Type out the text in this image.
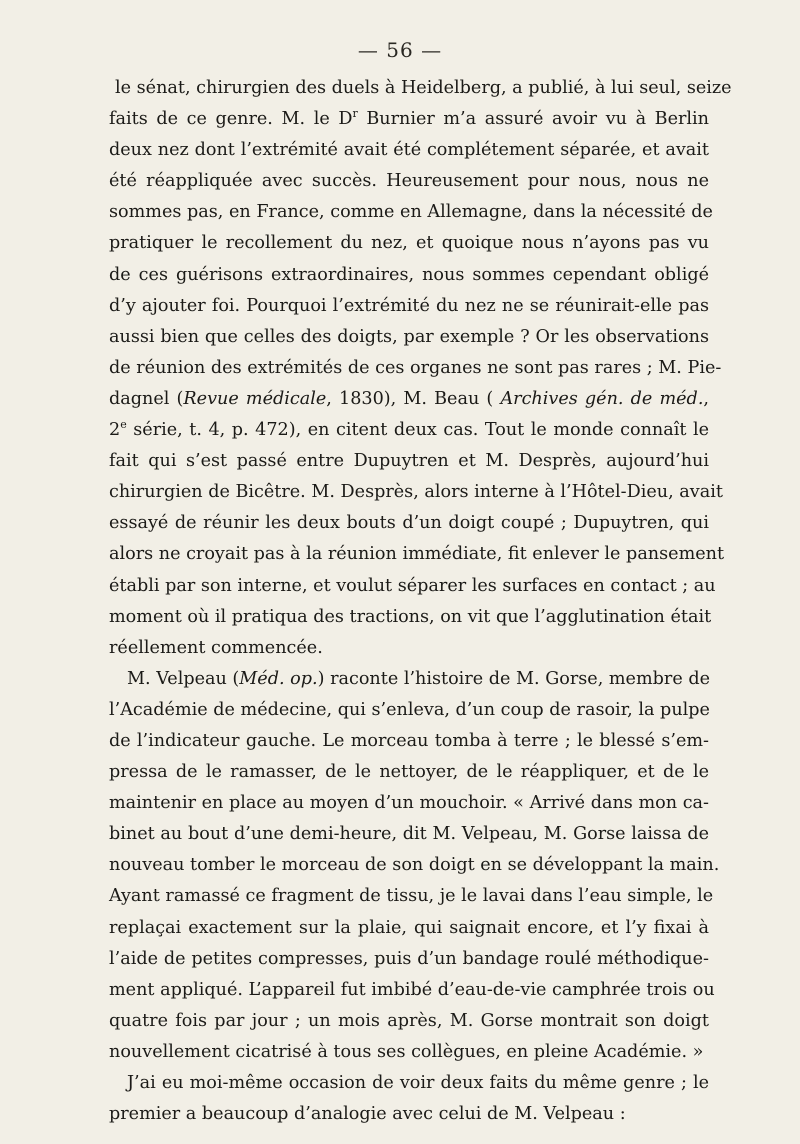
— 56 —
le sénat, chirurgien des duels à Heidelberg, a publié, à lui seul, seize
faits de ce genre. M. le $D^r$ Burnier m’a assuré avoir vu à Berlin
deux nez dont l’extrémité avait été complétement séparée, et avait
été réappliquée avec succès. Heureusement pour nous, nous ne
sommes pas, en France, comme en Allemagne, dans la nécessité de
pratiquer le recollement du nez, et quoique nous n’ayons pas vu
de ces guérisons extraordinaires, nous sommes cependant obligé
d’y ajouter foi. Pourquoi l’extrémité du nez ne se réunirait-elle pas
aussi bien que celles des doigts, par exemple ? Or les observations
de réunion des extrémités de ces organes ne sont pas rares ; M. Pie-
dagnel (Revue médicale, 1830), M. Beau ( Archives gén. de méd.,
2e série, t. 4, p. 472), en citent deux cas. Tout le monde connaît le
fait qui s’est passé entre Dupuytren et M. Desprès, aujourd’hui
chirurgien de Bicêtre. M. Desprès, alors interne à l’Hôtel-Dieu, avait
essayé de réunir les deux bouts d’un doigt coupé ; Dupuytren, qui
alors ne croyait pas à la réunion immédiate, fit enlever le pansement
établi par son interne, et voulut séparer les surfaces en contact ; au
moment où il pratiqua des tractions, on vit que l’agglutination était
réellement commencée.
M. Velpeau (Méd. op.) raconte l’histoire de M. Gorse, membre de
l’Académie de médecine, qui s’enleva, d’un coup de rasoir, la pulpe
de l’indicateur gauche. Le morceau tomba à terre ; le blessé s’em-
pressa de le ramasser, de le nettoyer, de le réappliquer, et de le
maintenir en place au moyen d’un mouchoir. « Arrivé dans mon ca-
binet au bout d’une demi-heure, dit M. Velpeau, M. Gorse laissa de
nouveau tomber le morceau de son doigt en se développant la main.
Ayant ramassé ce fragment de tissu, je le lavai dans l’eau simple, le
replaçai exactement sur la plaie, qui saignait encore, et l’y fixai à
l’aide de petites compresses, puis d’un bandage roulé méthodique-
ment appliqué. L’appareil fut imbibé d’eau-de-vie camphrée trois ou
quatre fois par jour ; un mois après, M. Gorse montrait son doigt
nouvellement cicatrisé à tous ses collègues, en pleine Académie. »
J’ai eu moi-même occasion de voir deux faits du même genre ; le
premier a beaucoup d’analogie avec celui de M. Velpeau :
